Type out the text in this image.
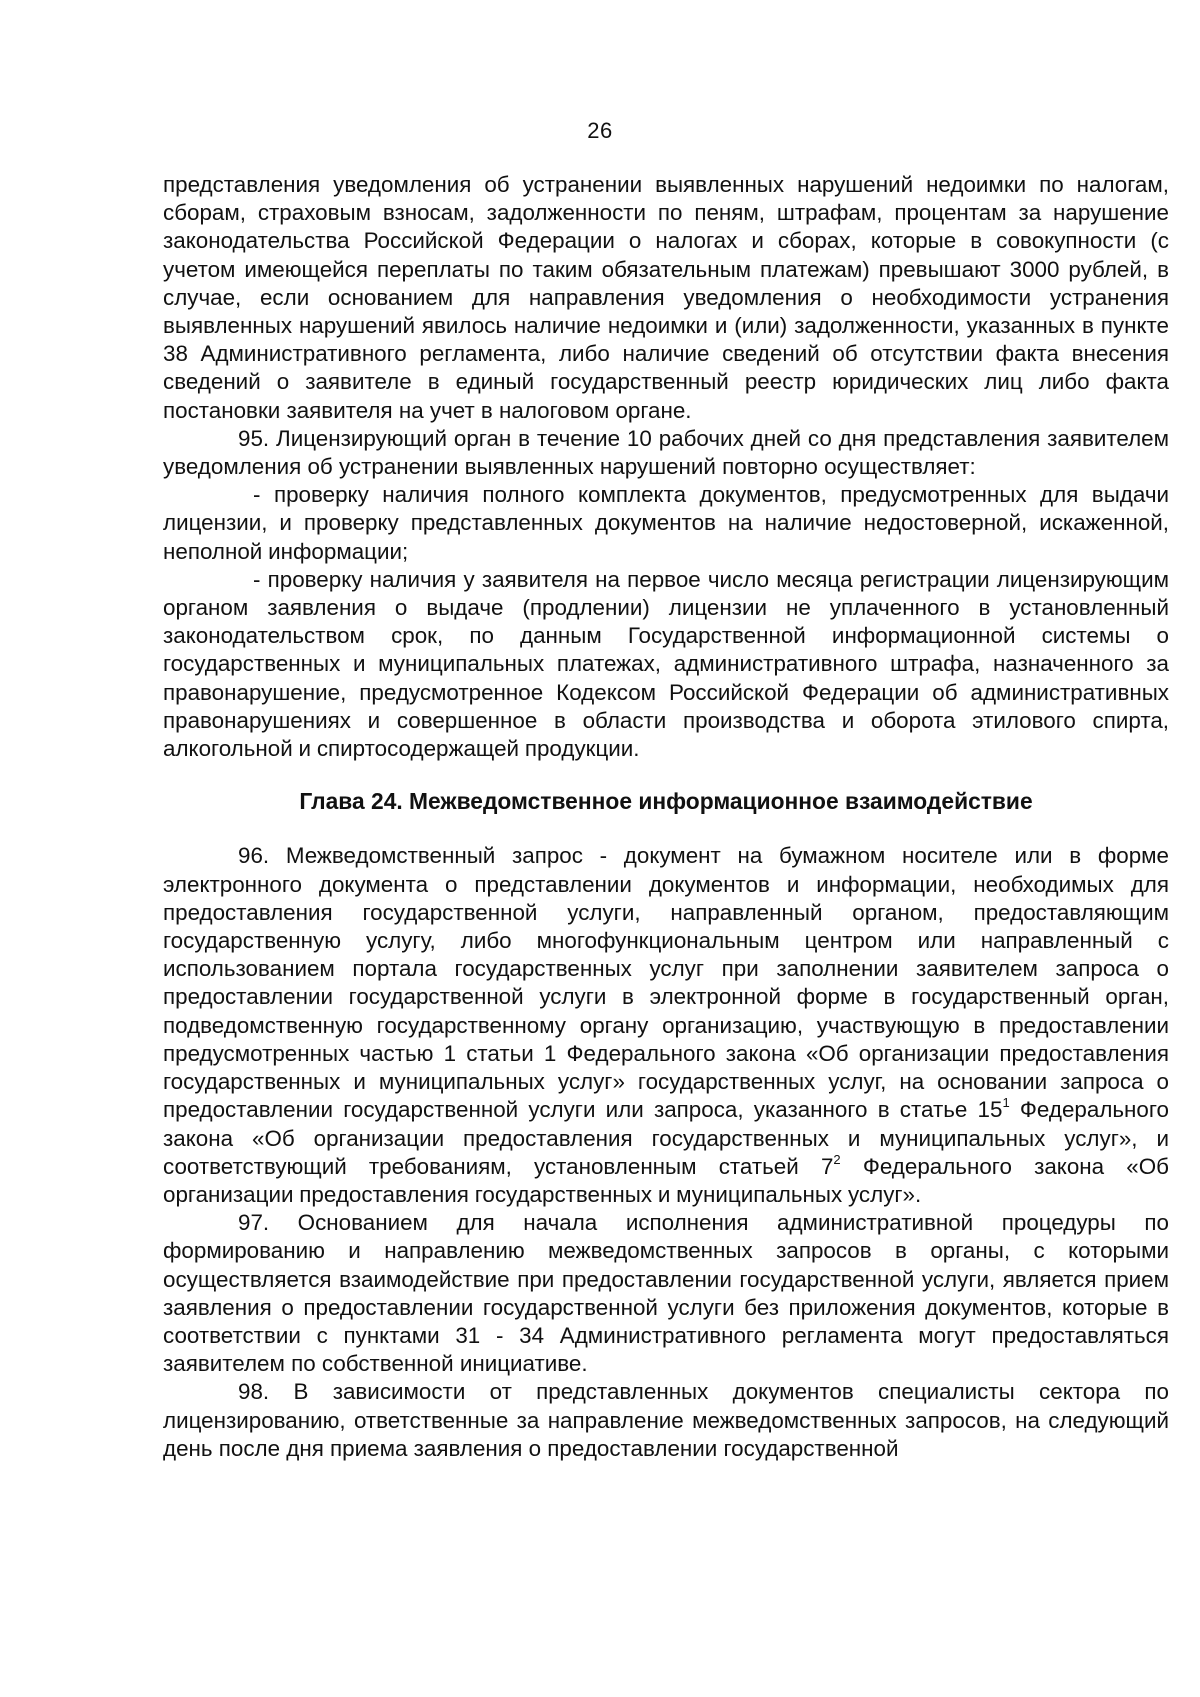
26

представления уведомления об устранении выявленных нарушений недоимки по налогам, сборам, страховым взносам, задолженности по пеням, штрафам, процентам за нарушение законодательства Российской Федерации о налогах и сборах, которые в совокупности (с учетом имеющейся переплаты по таким обязательным платежам) превышают 3000 рублей, в случае, если основанием для направления уведомления о необходимости устранения выявленных нарушений явилось наличие недоимки и (или) задолженности, указанных в пункте 38 Административного регламента, либо наличие сведений об отсутствии факта внесения сведений о заявителе в единый государственный реестр юридических лиц либо факта постановки заявителя на учет в налоговом органе.

95. Лицензирующий орган в течение 10 рабочих дней со дня представления заявителем уведомления об устранении выявленных нарушений повторно осуществляет:

- проверку наличия полного комплекта документов, предусмотренных для выдачи лицензии, и проверку представленных документов на наличие недостоверной, искаженной, неполной информации;

- проверку наличия у заявителя на первое число месяца регистрации лицензирующим органом заявления о выдаче (продлении) лицензии не уплаченного в установленный законодательством срок, по данным Государственной информационной системы о государственных и муниципальных платежах, административного штрафа, назначенного за правонарушение, предусмотренное Кодексом Российской Федерации об административных правонарушениях и совершенное в области производства и оборота этилового спирта, алкогольной и спиртосодержащей продукции.

Глава 24. Межведомственное информационное взаимодействие

96. Межведомственный запрос - документ на бумажном носителе или в форме электронного документа о представлении документов и информации, необходимых для предоставления государственной услуги, направленный органом, предоставляющим государственную услугу, либо многофункциональным центром или направленный с использованием портала государственных услуг при заполнении заявителем запроса о предоставлении государственной услуги в электронной форме в государственный орган, подведомственную государственному органу организацию, участвующую в предоставлении предусмотренных частью 1 статьи 1 Федерального закона «Об организации предоставления государственных и муниципальных услуг» государственных услуг, на основании запроса о предоставлении государственной услуги или запроса, указанного в статье $15^1$ Федерального закона «Об организации предоставления государственных и муниципальных услуг», и соответствующий требованиям, установленным статьей $7^2$ Федерального закона «Об организации предоставления государственных и муниципальных услуг».

97. Основанием для начала исполнения административной процедуры по формированию и направлению межведомственных запросов в органы, с которыми осуществляется взаимодействие при предоставлении государственной услуги, является прием заявления о предоставлении государственной услуги без приложения документов, которые в соответствии с пунктами 31 - 34 Административного регламента могут предоставляться заявителем по собственной инициативе.

98. В зависимости от представленных документов специалисты сектора по лицензированию, ответственные за направление межведомственных запросов, на следующий день после дня приема заявления о предоставлении государственной
